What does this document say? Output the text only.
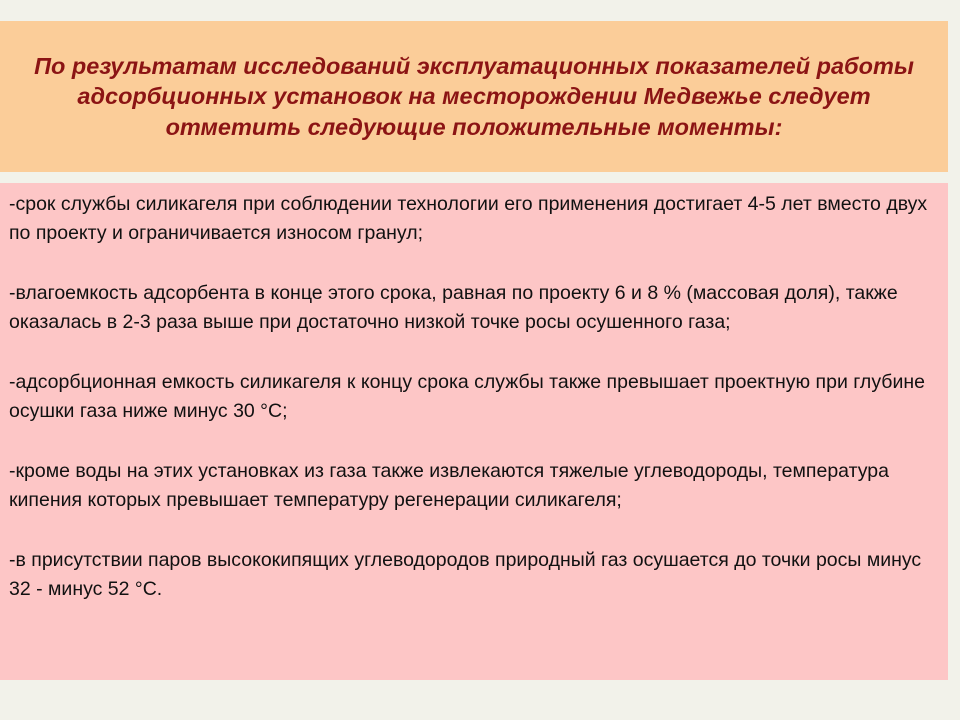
По результатам исследований эксплуатационных показателей работы адсорбционных установок на месторождении Медвежье следует отметить следующие положительные моменты:

-срок службы силикагеля при соблюдении технологии его применения достигает 4-5 лет вместо двух по проекту и ограничивается износом гранул;
-влагоемкость адсорбента в конце этого срока, равная по проекту 6 и 8 % (массовая доля), также оказалась в 2-3 раза выше при достаточно низкой точке росы осушенного газа;
-адсорбционная емкость силикагеля к концу срока службы также превышает проектную при глубине осушки газа ниже минус 30 °С;
-кроме воды на этих установках из газа также извлекаются тяжелые углеводороды, температура кипения которых превышает температуру регенерации силикагеля;
-в присутствии паров высококипящих углеводородов природный газ осушается до точки росы минус 32 - минус 52 °С.
